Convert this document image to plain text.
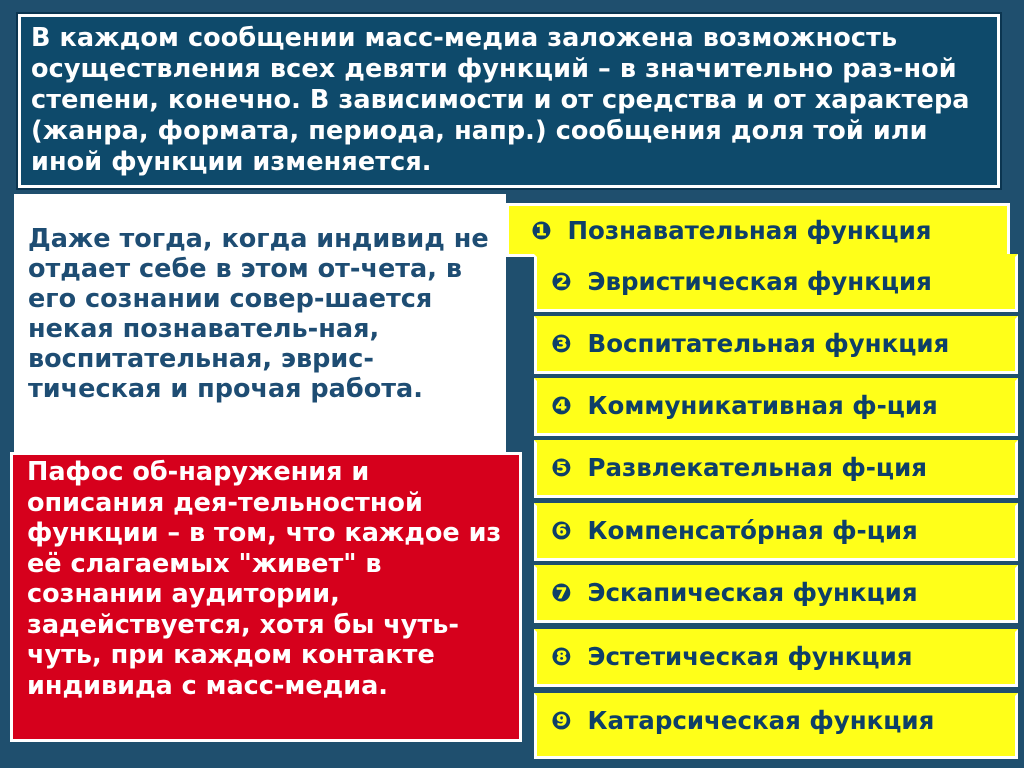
В каждом сообщении масс-медиа заложена возможность осуществления всех девяти функций – в значительно раз-ной степени, конечно. В зависимости и от средства и от характера (жанра, формата, периода, напр.) сообщения доля той или иной функции изменяется.
Даже тогда, когда индивид не отдает себе в этом от-чета, в его сознании совер-шается некая познаватель-ная, воспитательная, эврис-тическая и прочая работа.
Пафос об-наружения и описания дея-тельностной функции – в том, что каждое из её слагаемых "живет" в сознании аудитории, задействуется, хотя бы чуть-чуть, при каждом контакте индивида с масс-медиа.
❶ Познавательная функция
❷ Эвристическая функция
❸ Воспитательная функция
❹ Коммуникативная ф-ция
❺ Развлекательная ф-ция
❻ Компенсатóрная ф-ция
❼ Эскапическая функция
❽ Эстетическая функция
❾ Катарсическая функция
